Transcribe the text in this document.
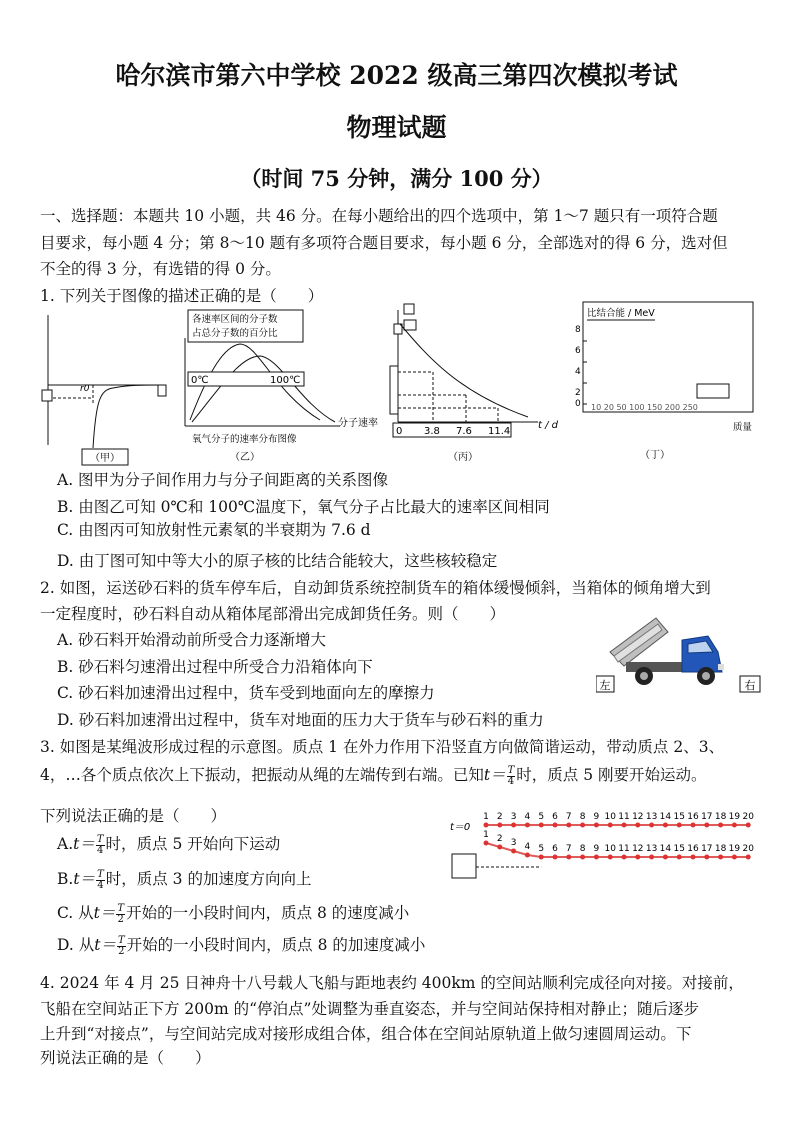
哈尔滨市第六中学校 2022 级高三第四次模拟考试
物理试题
（时间 75 分钟，满分 100 分）
一、选择题：本题共 10 小题，共 46 分。在每小题给出的四个选项中，第 1～7 题只有一项符合题
目要求，每小题 4 分；第 8～10 题有多项符合题目要求，每小题 6 分，全部选对的得 6 分，选对但
不全的得 3 分，有选错的得 0 分。
1. 下列关于图像的描述正确的是（　　）
r0
（甲）
各速率区间的分子数
占总分子数的百分比
0℃	100℃
分子速率
氧气分子的速率分布图像
（乙）
0 3.8 7.6 11.4
t / d
（丙）
比结合能 / MeV
8
6
4
2
0 10 20 50 100 150 200 250
质量
（丁）
A. 图甲为分子间作用力与分子间距离的关系图像
B. 由图乙可知 0℃和 100℃温度下，氧气分子占比最大的速率区间相同
C. 由图丙可知放射性元素氡的半衰期为 7.6 d
D. 由丁图可知中等大小的原子核的比结合能较大，这些核较稳定
2. 如图，运送砂石料的货车停车后，自动卸货系统控制货车的箱体缓慢倾斜，当箱体的倾角增大到
一定程度时，砂石料自动从箱体尾部滑出完成卸货任务。则（　　）
A. 砂石料开始滑动前所受合力逐渐增大
B. 砂石料匀速滑出过程中所受合力沿箱体向下
C. 砂石料加速滑出过程中，货车受到地面向左的摩擦力
D. 砂石料加速滑出过程中，货车对地面的压力大于货车与砂石料的重力
左	右
3. 如图是某绳波形成过程的示意图。质点 1 在外力作用下沿竖直方向做简谐运动，带动质点 2、3、
4，…各个质点依次上下振动，把振动从绳的左端传到右端。已知$t= \frac{T}{4}$ 时，质点 5 刚要开始运动。
下列说法正确的是（　　）
$A.t= \frac{T}{4}$ 时，质点 5 开始向下运动
$B.t= \frac{T}{4}$ 时，质点 3 的加速度方向向上
C. 从$t= \frac{T}{2}$ 开始的一小段时间内，质点 8 的速度减小
D. 从$t= \frac{T}{2}$ 开始的一小段时间内，质点 8 的加速度减小
t＝0
1 2 3 4 5 6 7 8 9 10 11 12 13 14 15 16 17 18 19 20
1 2 3 4 5 6 7 8 9 10 11 12 13 14 15 16 17 18 19 20
4. 2024 年 4 月 25 日神舟十八号载人飞船与距地表约 400km 的空间站顺利完成径向对接。对接前，
飞船在空间站正下方 200m 的“停泊点”处调整为垂直姿态，并与空间站保持相对静止；随后逐步
上升到“对接点”，与空间站完成对接形成组合体，组合体在空间站原轨道上做匀速圆周运动。下
列说法正确的是（　　）
